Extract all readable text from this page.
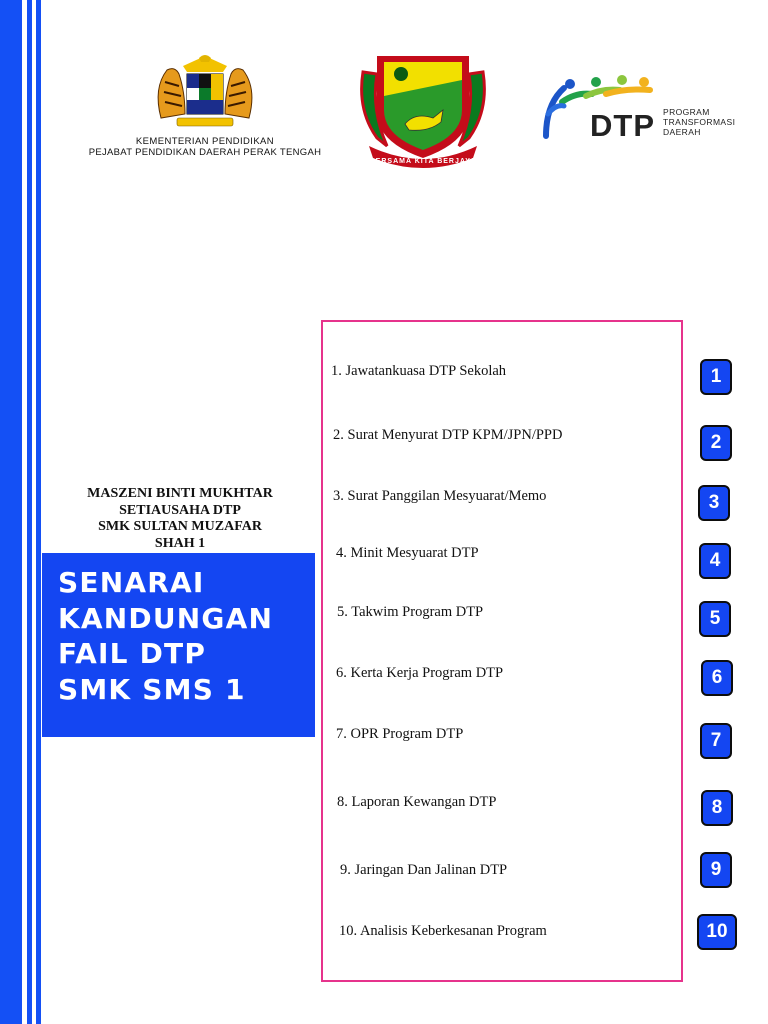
KEMENTERIAN PENDIDIKAN
PEJABAT PENDIDIKAN DAERAH PERAK TENGAH
BERSAMA KITA BERJAYA
DTP PROGRAM
TRANSFORMASI
DAERAH
MASZENI BINTI MUKHTAR
SETIAUSAHA DTP
SMK SULTAN MUZAFAR
SHAH 1
SENARAI
KANDUNGAN
FAIL DTP
SMK SMS 1
1. Jawatankuasa DTP Sekolah
2. Surat Menyurat DTP KPM/JPN/PPD
3. Surat Panggilan Mesyuarat/Memo
4. Minit Mesyuarat DTP
5. Takwim Program DTP
6. Kerta Kerja Program DTP
7. OPR Program DTP
8. Laporan Kewangan DTP
9. Jaringan Dan Jalinan DTP
10. Analisis Keberkesanan Program
1
2
3
4
5
6
7
8
9
10
